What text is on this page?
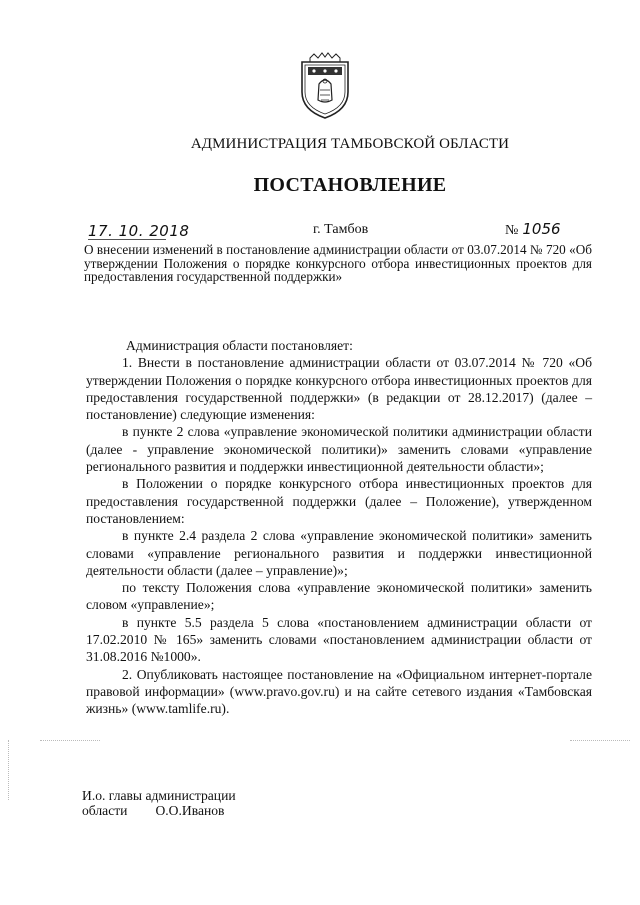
АДМИНИСТРАЦИЯ ТАМБОВСКОЙ ОБЛАСТИ
ПОСТАНОВЛЕНИЕ
17. 10. 2018	г. Тамбов	№ 1056
О внесении изменений в постановление администрации области от 03.07.2014 № 720 «Об утверждении Положения о порядке конкурсного отбора инвестиционных проектов для предоставления государственной поддержки»

Администрация области постановляет:

1. Внести в постановление администрации области от 03.07.2014 № 720 «Об утверждении Положения о порядке конкурсного отбора инвестиционных проектов для предоставления государственной поддержки» (в редакции от 28.12.2017) (далее – постановление) следующие изменения:

в пункте 2 слова «управление экономической политики администрации области (далее - управление экономической политики)» заменить словами «управление регионального развития и поддержки инвестиционной деятельности области»;

в Положении о порядке конкурсного отбора инвестиционных проектов для предоставления государственной поддержки (далее – Положение), утвержденном постановлением:

в пункте 2.4 раздела 2 слова «управление экономической политики» заменить словами «управление регионального развития и поддержки инвестиционной деятельности области (далее – управление)»;

по тексту Положения слова «управление экономической политики» заменить словом «управление»;

в пункте 5.5 раздела 5 слова «постановлением администрации области от 17.02.2010 № 165» заменить словами «постановлением администрации области от 31.08.2016 №1000».

2. Опубликовать настоящее постановление на «Официальном интернет-портале правовой информации» (www.pravo.gov.ru) и на сайте сетевого издания «Тамбовская жизнь» (www.tamlife.ru).

И.о. главы администрации
области О.О.Иванов
